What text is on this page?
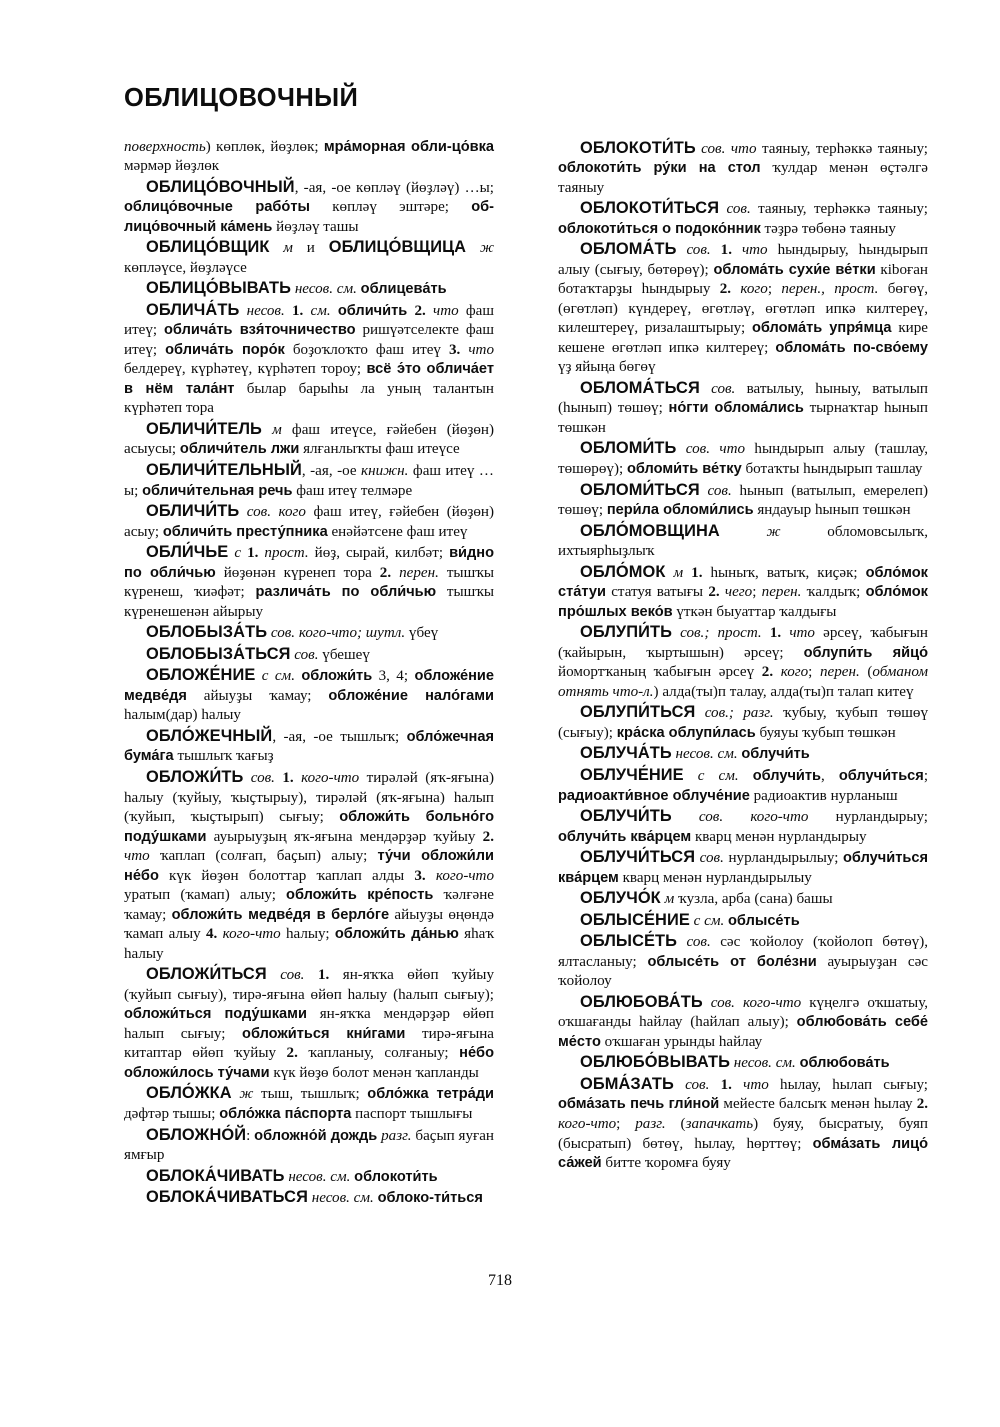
ОБЛИЦОВОЧНЫЙ

поверхность) көплөк, йөҙлөк; мра́морная обли-цо́вка мәрмәр йөҙлөк

ОБЛИЦО́ВОЧНЫЙ, -ая, -ое көпләү (йөҙләү) …ы; облицо́вочные рабо́ты көпләү эштәре; об-лицо́вочный ка́мень йөҙләү ташы

ОБЛИЦО́ВЩИК м и ОБЛИЦО́ВЩИЦА ж көпләүсе, йөҙләүсе

ОБЛИЦО́ВЫВАТЬ несов. см. облицева́ть

ОБЛИЧА́ТЬ несов. 1. см. обличи́ть 2. что фаш итеү; облича́ть взя́точничество ришүәтселекте фаш итеү; облича́ть поро́к боҙоҡлоҡто фаш итеү 3. что белдереү, күрһәтеү, күрһәтеп тороу; всё э́то облича́ет в нём тала́нт былар барыһы ла уның талантын күрһәтеп тора

ОБЛИЧИ́ТЕЛЬ м фаш итеүсе, ғәйебен (йөҙөн) асыусы; обличи́тель лжи ялғанлыҡты фаш итеүсе

ОБЛИЧИ́ТЕЛЬНЫЙ, -ая, -ое книжн. фаш итеү …ы; обличи́тельная речь фаш итеү телмәре

ОБЛИЧИ́ТЬ сов. кого фаш итеү, ғәйебен (йөҙөн) асыу; обличи́ть престу́пника енәйәтсене фаш итеү

ОБЛИ́ЧЬЕ с 1. прост. йөҙ, сырай, килбәт; ви́дно по обли́чью йөҙөнән күренеп тора 2. перен. тышҡы күренеш, ҡиәфәт; различа́ть по обли́чью тышҡы күренешенән айырыу

ОБЛОБЫЗА́ТЬ сов. кого-что; шутл. үбеү

ОБЛОБЫЗА́ТЬСЯ сов. үбешеү

ОБЛОЖЕ́НИЕ с см. обложи́ть 3, 4; обложе́ние медве́дя айыуҙы ҡамау; обложе́ние нало́гами һалым(дар) һалыу

ОБЛО́ЖЕЧНЫЙ, -ая, -ое тышлыҡ; обло́жечная бума́га тышлыҡ ҡағыҙ

ОБЛОЖИ́ТЬ сов. 1. кого-что тирәләй (яҡ-яғына) һалыу (ҡуйыу, ҡыҫтырыу), тирәләй (яҡ-яғына) һалып (ҡуйып, ҡыҫтырып) сығыу; обложи́ть больно́го поду́шками ауырыуҙың яҡ-яғына мендәрҙәр ҡуйыу 2. что ҡаплап (солғап, баҫып) алыу; ту́чи обложи́ли не́бо күк йөҙөн болоттар ҡаплап алды 3. кого-что уратып (ҡамап) алыу; обложи́ть кре́пость ҡәлғәне ҡамау; обложи́ть медве́дя в берло́ге айыуҙы өңөндә ҡамап алыу 4. кого-что һалыу; обложи́ть да́нью яһаҡ һалыу

ОБЛОЖИ́ТЬСЯ сов. 1. ян-яҡҡа өйөп ҡуйыу (ҡуйып сығыу), тирә-яғына өйөп һалыу (һалып сығыу); обложи́ться поду́шками ян-яҡҡа мендәрҙәр өйөп һалып сығыу; обложи́ться кни́гами тирә-яғына китаптар өйөп ҡуйыу 2. ҡапланыу, солғаныу; не́бо обложи́лось ту́чами күк йөҙө болот менән ҡапланды

ОБЛО́ЖКА ж тыш, тышлыҡ; обло́жка тетра́ди дәфтәр тышы; обло́жка па́спорта паспорт тышлығы

ОБЛОЖНО́Й: обложно́й дождь разг. баҫып яуған ямғыр

ОБЛОКА́ЧИВАТЬ несов. см. облокоти́ть

ОБЛОКА́ЧИВАТЬСЯ несов. см. облоко-ти́ться

ОБЛОКОТИ́ТЬ сов. что таяныу, терһәккә таяныу; облокоти́ть ру́ки на стол ҡулдар менән өҫтәлгә таяныу

ОБЛОКОТИ́ТЬСЯ сов. таяныу, терһәккә таяныу; облокоти́ться о подоко́нник тәҙрә төбөнә таяныу

ОБЛОМА́ТЬ сов. 1. что һындырыу, һындырып алыу (сығыу, бөтөрөү); облома́ть сухи́е ве́тки кibоған ботаҡтарҙы һындырыу 2. кого; перен., прост. бөгөү, (өгөтләп) күндереү, өгөтләү, өгөтләп ипкә килтереү, килештереү, ризалаштырыу; облома́ть упря́мца кире кешене өгөтләп ипкә килтереү; облома́ть по-сво́ему үҙ яйыңа бөгөү

ОБЛОМА́ТЬСЯ сов. ватылыу, һыныу, ватылып (һынып) төшөү; но́гти облома́лись тырнаҡтар һынып төшкән

ОБЛОМИ́ТЬ сов. что һындырып алыу (ташлау, төшөрөү); обломи́ть ве́тку ботаҡты һындырып ташлау

ОБЛОМИ́ТЬСЯ сов. һынып (ватылып, емерелеп) төшөү; пери́ла обломи́лись яндауыр һынып төшкән

ОБЛО́МОВЩИНА ж обломовсылыҡ, ихтыярһыҙлыҡ

ОБЛО́МОК м 1. һыныҡ, ватыҡ, киҫәк; обло́мок ста́туи статуя ватығы 2. чего; перен. ҡалдыҡ; обло́мок про́шлых веко́в үткән быуаттар ҡалдығы

ОБЛУПИ́ТЬ сов.; прост. 1. что әрсеү, ҡабығын (ҡайырын, ҡыртышын) әрсеү; облупи́ть яйцо́ йомортҡаның ҡабығын әрсеү 2. кого; перен. (обманом отнять что-л.) алда(ты)п талау, алда(ты)п талап китеү

ОБЛУПИ́ТЬСЯ сов.; разг. ҡубыу, ҡубып төшөү (сығыу); кра́ска облупи́лась буяуы ҡубып төшкән

ОБЛУЧА́ТЬ несов. см. облучи́ть

ОБЛУЧЕ́НИЕ с см. облучи́ть, облучи́ться; радиоакти́вное облуче́ние радиоактив нурланыш

ОБЛУЧИ́ТЬ сов. кого-что нурландырыу; облучи́ть ква́рцем кварц менән нурландырыу

ОБЛУЧИ́ТЬСЯ сов. нурландырылыу; облучи́ться ква́рцем кварц менән нурландырылыу

ОБЛУЧО́К м ҡузла, арба (сана) башы

ОБЛЫСЕ́НИЕ с см. облысе́ть

ОБЛЫСЕ́ТЬ сов. сәс ҡойолоу (ҡойолоп бөтөү), ялтасланыу; облысе́ть от боле́зни ауырыуҙан сәс ҡойолоу

ОБЛЮБОВА́ТЬ сов. кого-что күңелгә оҡшатыу, оҡшағанды һайлау (һайлап алыу); облюбова́ть себе́ ме́сто оҡшаған урынды һайлау

ОБЛЮБО́ВЫВАТЬ несов. см. облюбова́ть

ОБМА́ЗАТЬ сов. 1. что һылау, һылап сығыу; обма́зать печь гли́ной мейесте балсыҡ менән һылау 2. кого-что; разг. (запачкать) буяу, бысратыу, буяп (бысратып) бөтөү, һылау, һөрттөү; обма́зать лицо́ са́жей битте ҡоромға буяу

718
